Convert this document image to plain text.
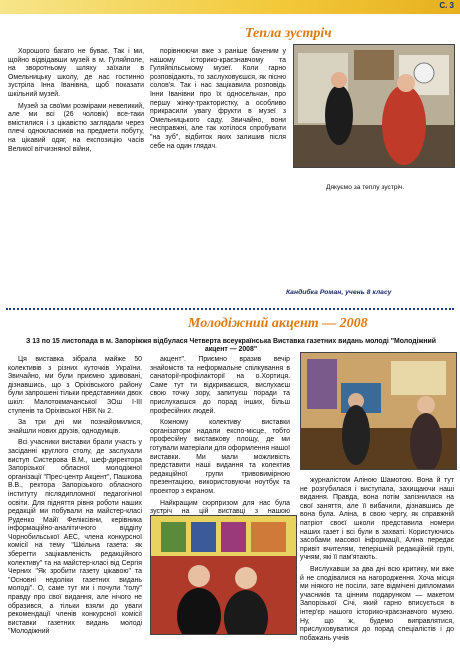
С. 3
Тепла зустріч

Хорошого багато не буває. Так і ми, щойно відвідавши музей в м. Гуляйполе, на зворотньому шляху заїхали в Омельницьку школу, де нас гостинно зустріла Інна Іванівна, щоб показати шкільний музей.

Музей за своїми розмірами невеликий, але ми всі (26 чоловік) все-таки вмістилися і з цікавістю заглядали через плечі однокласників на предмети побуту, на цікавий одяг, на експозицію часів Великої вітчизняної війни,

порівнюючи вже з раніше баченим у нашому історико-краєзнавчому та Гуляйпільському музеї. Коли гарно розповідають, то заслуховуєшся, як пісню солов'я. Так і нас зацікавила розповідь Інни Іванівни про їх односельчан, про першу жінку-трактористку, а особливо прикрасили увагу фрукти в музеї з Омельницького саду. Звичайно, вони несправжні, але так хотілося спробувати "на зуб", відбиток яких залишив після себе на один глядач.

Дякуємо за теплу зустріч.
Кандибка Роман, учень 8 класу
Молодіжний акцент — 2008
З 13 по 15 листопада в м. Запоріжжя відбулася Четверта всеукраїнська Виставка газетних видань молоді "Молодіжний акцент — 2008"

Ця виставка зібрала майже 50 колективів з різних куточків України. Звичайно, ми були приємно здивовані, дізнавшись, що з Оріхівського району були запрошені тільки представники двох шкіл: Малотокмачанської ЗОш І-ІІІ ступенів та Оріхівської НВК № 2.

За три дні ми познайомилися, знайшли нових друзів, однодумців.

Всі учасники виставки брали участь у засіданні круглого столу, де заслухали виступ Систерова В.М., шеф-директора Запорізької обласної молодіжної організації "Прес-центр Акцент", Пашкова В.В., ректора Запорізького обласного інституту післядипломної педагогічної освіти. Для підняття рівня роботи наших редакцій ми побували на майстер-класі Руденко Майї Феліксівни, керівника інформаційно-аналітичного відділу Чорнобильської АЕС, члена конкурсної комісії на тему "Шкільна газета: як зберегти зацікавленість редакційного колективу" та на майстер-класі від Сергія Черних "Як зробити газету цікавою" та "Основні недоліки газетних видань молоді". О, саме тут ми і почули "голу" правду про свої видання, але нічого не образився, а тільки взяли до уваги рекомендації членів конкурсної комісії виставки газетних видань молоді "Молодіжний

акцент". Приємно вразив вечір знайомств та неформальне спілкування в санаторії-профілакторії на о.Хортиця. Саме тут ти відкриваєшся, вислухаєш свою точку зору, запитуєш поради та прислухаєшся до порад інших, більш професійних людей.

Кожному колективу виставки організатори надали експо-місце, тобто професійну виставкову площу, де ми готували матеріали для оформлення нашої виставки. Ми мали можливість представити наші видання та колектив редакційної групи тривовимірною презентацією, використовуючи ноутбук та проектор з екраном.

Найкращим сюрпризом для нас була зустріч на цій виставці з нашою

журналістом Аліною Шамотою. Вона й тут не розгубилася і виступала, захищаючи наші видання. Правда, вона потім запізнилася на свої заняття, але її вибачили, дізнавшись де вона була. Аліна, в свою чергу, як справжній патріот своєї школи представила номери наших газет і всі були в захваті. Користуючись засобами масової інформації, Аліна передає привіт вчителям, теперішній редакційній групі, учням, які її пам'ятають.

Вислухавши за два дні всю критику, ми вже й не сподівалися на нагородження. Хоча місця ми ніякого не посіли, зате відмічені дипломами учасників та цінним подарунком — макетом Запорізької Січі, який гарно вписується в інтер'єр нашого історико-краєзнавчого музею. Ну, що ж, будемо виправлятися, прислуховуватися до порад спеціалістів і до побажань учнів
